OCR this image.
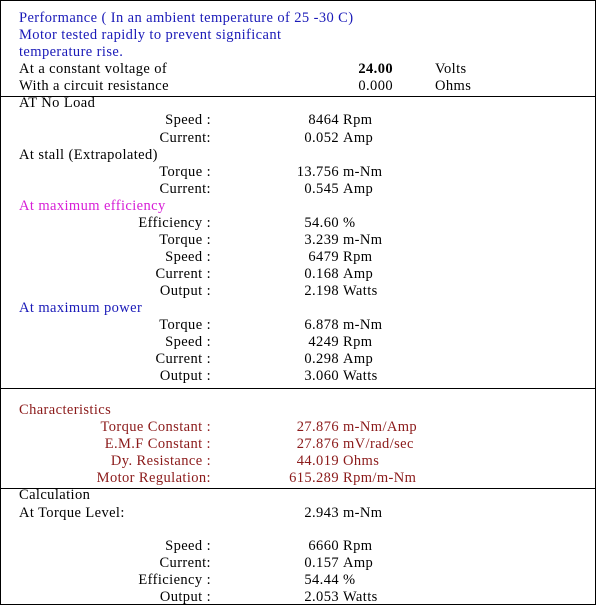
Performance ( In an ambient temperature of 25 -30 C)
Motor tested rapidly to prevent significant
temperature rise.
At a constant voltage of	24.00	Volts
With a circuit resistance	0.000	Ohms
AT No Load
Speed :	8464 Rpm
Current:	0.052 Amp
At stall (Extrapolated)
Torque :	13.756 m-Nm
Current:	0.545 Amp
At maximum efficiency
Efficiency :	54.60 %
Torque :	3.239 m-Nm
Speed :	6479 Rpm
Current :	0.168 Amp
Output :	2.198 Watts
At maximum power
Torque :	6.878 m-Nm
Speed :	4249 Rpm
Current :	0.298 Amp
Output :	3.060 Watts
Characteristics
Torque Constant :	27.876 m-Nm/Amp
E.M.F Constant :	27.876 mV/rad/sec
Dy. Resistance :	44.019 Ohms
Motor Regulation:	615.289 Rpm/m-Nm
Calculation
At Torque Level:	2.943 m-Nm
Speed :	6660 Rpm
Current:	0.157 Amp
Efficiency :	54.44 %
Output :	2.053 Watts
